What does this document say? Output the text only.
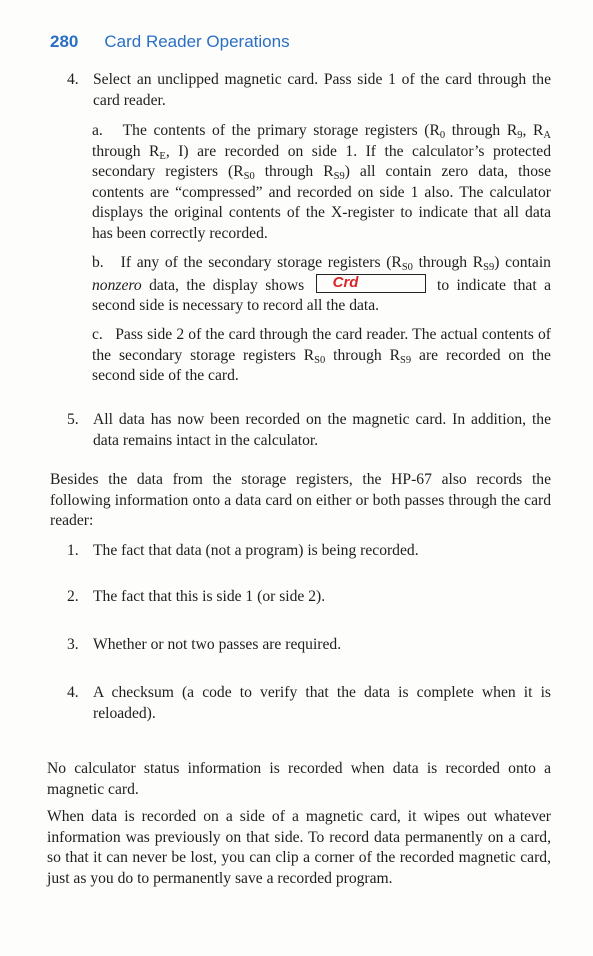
280 Card Reader Operations
4. Select an unclipped magnetic card. Pass side 1 of the card through the card reader.
a. The contents of the primary storage registers ($R_0$ through $R_9$, $R_A$ through $R_E$, I) are recorded on side 1. If the calculator’s protected secondary registers ($R_{S0}$ through $R_{S9}$) all contain zero data, those contents are “compressed” and recorded on side 1 also. The calculator displays the original contents of the X-register to indicate that all data has been correctly recorded.
b. If any of the secondary storage registers ($R_{S0}$ through $R_{S9}$) contain nonzero data, the display shows Crd	to indicate that a second side is necessary to record all the data.
c. Pass side 2 of the card through the card reader. The actual contents of the secondary storage registers $R_{S0}$ through $R_{S9}$ are recorded on the second side of the card.
5. All data has now been recorded on the magnetic card. In addition, the data remains intact in the calculator.
Besides the data from the storage registers, the HP-67 also records the following information onto a data card on either or both passes through the card reader:
1. The fact that data (not a program) is being recorded.
2. The fact that this is side 1 (or side 2).
3. Whether or not two passes are required.
4. A checksum (a code to verify that the data is complete when it is reloaded).
No calculator status information is recorded when data is recorded onto a magnetic card.
When data is recorded on a side of a magnetic card, it wipes out whatever information was previously on that side. To record data permanently on a card, so that it can never be lost, you can clip a corner of the recorded magnetic card, just as you do to permanently save a recorded program.
